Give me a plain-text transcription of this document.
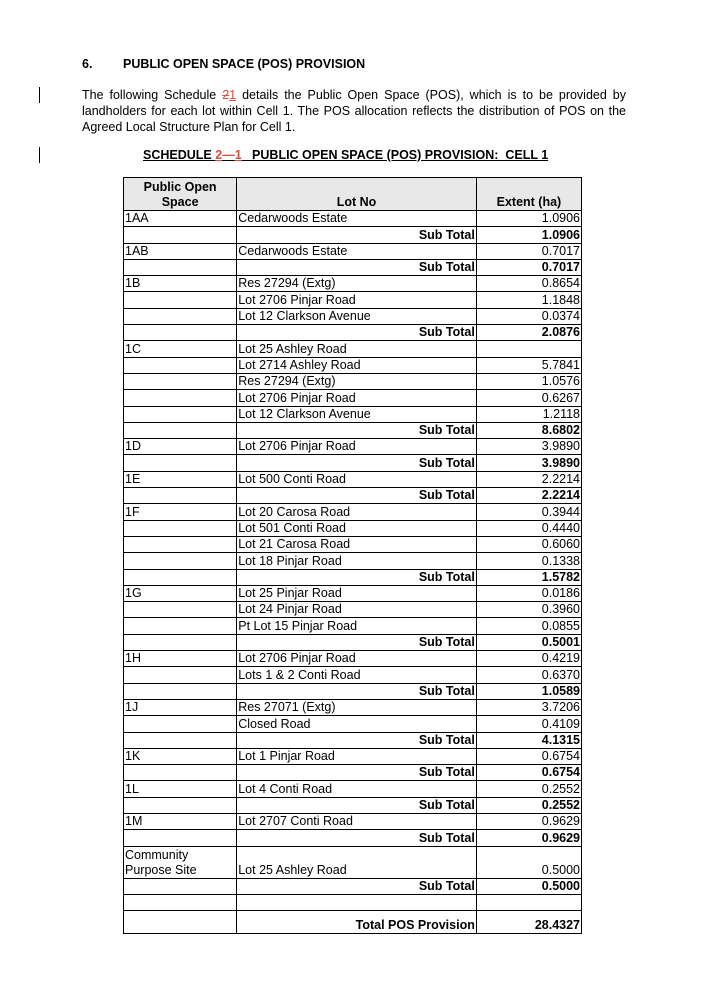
6. PUBLIC OPEN SPACE (POS) PROVISION
The following Schedule 21 details the Public Open Space (POS), which is to be provided by landholders for each lot within Cell 1. The POS allocation reflects the distribution of POS on the Agreed Local Structure Plan for Cell 1.
SCHEDULE 2—1   PUBLIC OPEN SPACE (POS) PROVISION:  CELL 1
Public Open Space	Lot No	Extent (ha)
1AA	Cedarwoods Estate	1.0906
	Sub Total	1.0906
1AB	Cedarwoods Estate	0.7017
	Sub Total	0.7017
1B	Res 27294 (Extg)	0.8654
	Lot 2706 Pinjar Road	1.1848
	Lot 12 Clarkson Avenue	0.0374
	Sub Total	2.0876
1C	Lot 25 Ashley Road	
	Lot 2714 Ashley Road	5.7841
	Res 27294 (Extg)	1.0576
	Lot 2706 Pinjar Road	0.6267
	Lot 12 Clarkson Avenue	1.2118
	Sub Total	8.6802
1D	Lot 2706 Pinjar Road	3.9890
	Sub Total	3.9890
1E	Lot 500 Conti Road	2.2214
	Sub Total	2.2214
1F	Lot 20 Carosa Road	0.3944
	Lot 501 Conti Road	0.4440
	Lot 21 Carosa Road	0.6060
	Lot 18 Pinjar Road	0.1338
	Sub Total	1.5782
1G	Lot 25 Pinjar Road	0.0186
	Lot 24 Pinjar Road	0.3960
	Pt Lot 15 Pinjar Road	0.0855
	Sub Total	0.5001
1H	Lot 2706 Pinjar Road	0.4219
	Lots 1 & 2 Conti Road	0.6370
	Sub Total	1.0589
1J	Res 27071 (Extg)	3.7206
	Closed Road	0.4109
	Sub Total	4.1315
1K	Lot 1 Pinjar Road	0.6754
	Sub Total	0.6754
1L	Lot 4 Conti Road	0.2552
	Sub Total	0.2552
1M	Lot 2707 Conti Road	0.9629
	Sub Total	0.9629
Community Purpose Site	Lot 25 Ashley Road	0.5000
	Sub Total	0.5000

	Total POS Provision	28.4327
